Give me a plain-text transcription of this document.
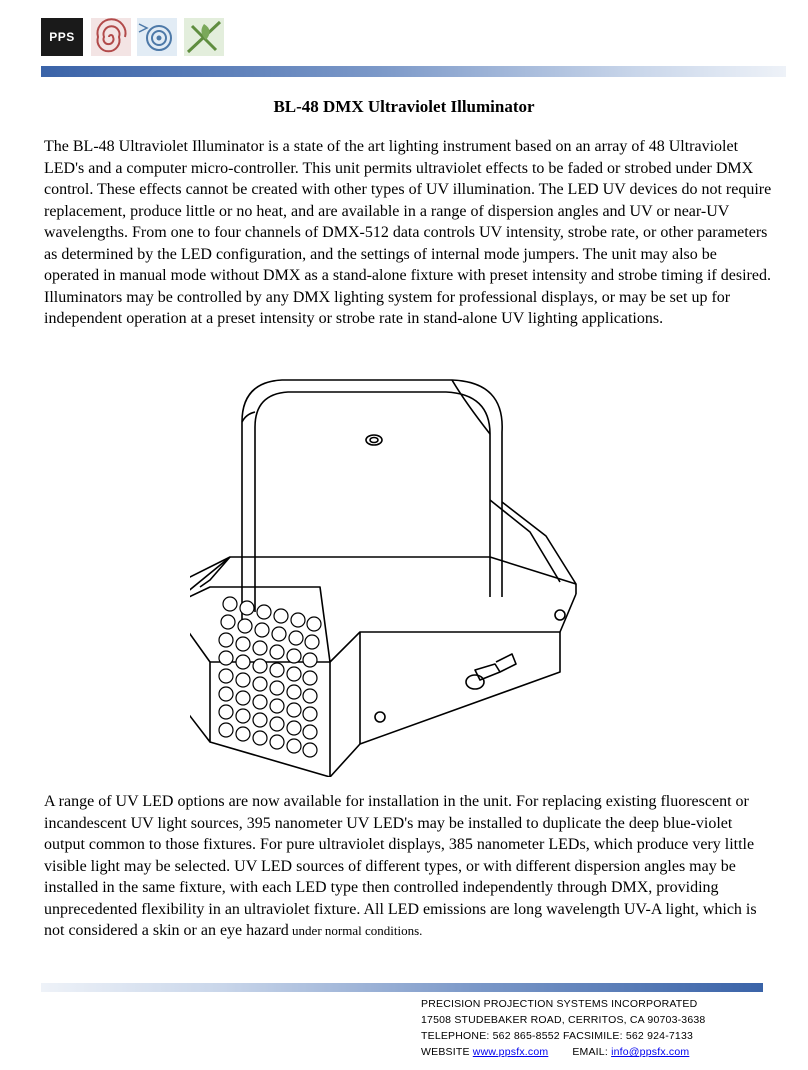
PPS
BL-48 DMX Ultraviolet Illuminator

The BL-48 Ultraviolet Illuminator is a state of the art lighting instrument based on an array of 48 Ultraviolet LED's and a computer micro-controller. This unit permits ultraviolet effects to be faded or strobed under DMX control. These effects cannot be created with other types of UV illumination. The LED UV devices do not require replacement, produce little or no heat, and are available in a range of dispersion angles and UV or near-UV wavelengths. From one to four channels of DMX-512 data controls UV intensity, strobe rate, or other parameters as determined by the LED configuration, and the settings of internal mode jumpers. The unit may also be operated in manual mode without DMX as a stand-alone fixture with preset intensity and strobe timing if desired. Illuminators may be controlled by any DMX lighting system for professional displays, or may be set up for independent operation at a preset intensity or strobe rate in stand-alone UV lighting applications.

A range of UV LED options are now available for installation in the unit. For replacing existing fluorescent or incandescent UV light sources, 395 nanometer UV LED's may be installed to duplicate the deep blue-violet output common to those fixtures. For pure ultraviolet displays, 385 nanometer LEDs, which produce very little visible light may be selected. UV LED sources of different types, or with different dispersion angles may be installed in the same fixture, with each LED type then controlled independently through DMX, providing unprecedented flexibility in an ultraviolet fixture. All LED emissions are long wavelength UV-A light, which is not considered a skin or an eye hazard under normal conditions.

PRECISION PROJECTION SYSTEMS INCORPORATED
17508 STUDEBAKER ROAD, CERRITOS, CA 90703-3638
TELEPHONE: 562 865-8552 FACSIMILE: 562 924-7133
WEBSITE www.ppsfx.com EMAIL: info@ppsfx.com
